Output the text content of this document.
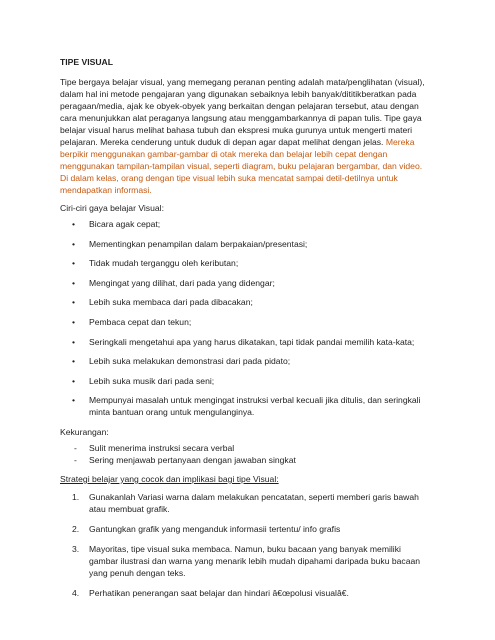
TIPE VISUAL

Tipe bergaya belajar visual, yang memegang peranan penting adalah mata/penglihatan (visual), dalam hal ini metode pengajaran yang digunakan sebaiknya lebih banyak/dititikberatkan pada peragaan/media, ajak ke obyek-obyek yang berkaitan dengan pelajaran tersebut, atau dengan cara menunjukkan alat peraganya langsung atau menggambarkannya di papan tulis. Tipe gaya belajar visual harus melihat bahasa tubuh dan ekspresi muka gurunya untuk mengerti materi pelajaran. Mereka cenderung untuk duduk di depan agar dapat melihat dengan jelas. Mereka berpikir menggunakan gambar-gambar di otak mereka dan belajar lebih cepat dengan menggunakan tampilan-tampilan visual, seperti diagram, buku pelajaran bergambar, dan video. Di dalam kelas, orang dengan tipe visual lebih suka mencatat sampai detil-detilnya untuk mendapatkan informasi.

Ciri-ciri gaya belajar Visual:
• Bicara agak cepat;
• Mementingkan penampilan dalam berpakaian/presentasi;
• Tidak mudah terganggu oleh keributan;
• Mengingat yang dilihat, dari pada yang didengar;
• Lebih suka membaca dari pada dibacakan;
• Pembaca cepat dan tekun;
• Seringkali mengetahui apa yang harus dikatakan, tapi tidak pandai memilih kata-kata;
• Lebih suka melakukan demonstrasi dari pada pidato;
• Lebih suka musik dari pada seni;
• Mempunyai masalah untuk mengingat instruksi verbal kecuali jika ditulis, dan seringkali minta bantuan orang untuk mengulanginya.
Kekurangan:
- Sulit menerima instruksi secara verbal
- Sering menjawab pertanyaan dengan jawaban singkat
Strategi belajar yang cocok dan implikasi bagi tipe Visual:
1. Gunakanlah Variasi warna dalam melakukan pencatatan, seperti memberi garis bawah atau membuat grafik.
2. Gantungkan grafik yang menganduk informasii tertentu/ info grafis
3. Mayoritas, tipe visual suka membaca. Namun, buku bacaan yang banyak memiliki gambar ilustrasi dan warna yang menarik lebih mudah dipahami daripada buku bacaan yang penuh dengan teks.
4. Perhatikan penerangan saat belajar dan hindari â€œpolusi visualâ€.
